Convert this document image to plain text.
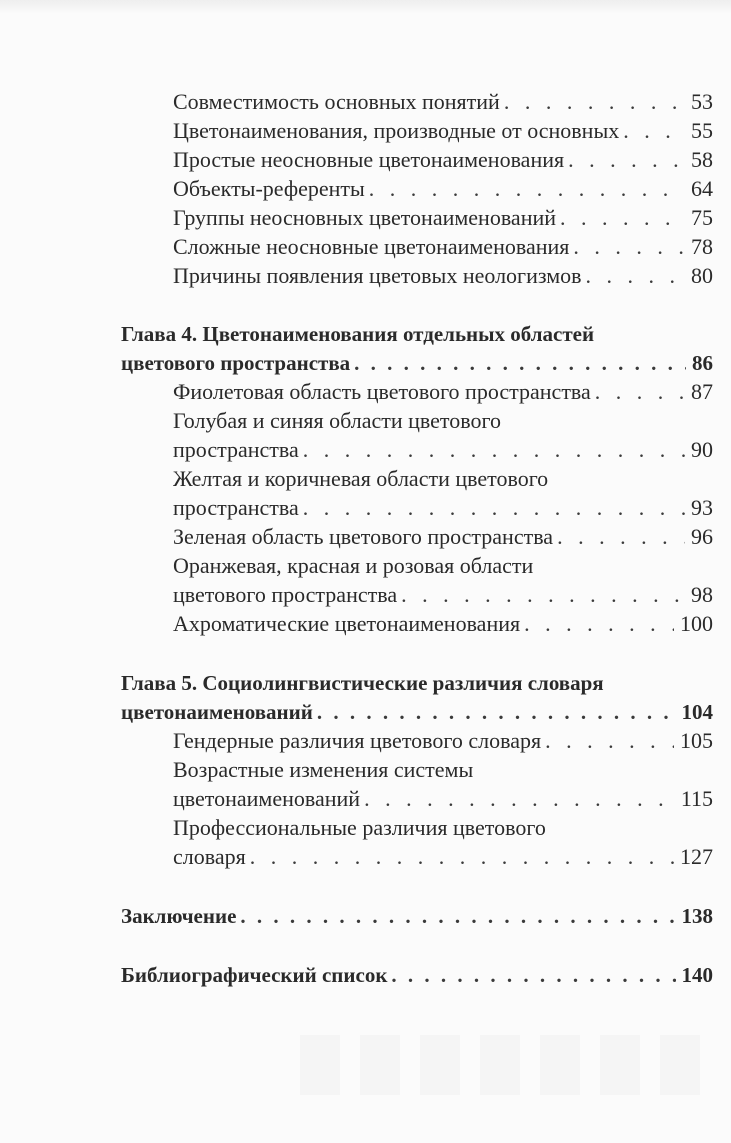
Совместимость основных понятий . . .	53
Цветонаименования, производные от основных . . .	55
Простые неосновные цветонаименования . . .	58
Объекты-референты . . .	64
Группы неосновных цветонаименований . . .	75
Сложные неосновные цветонаименования . . .	78
Причины появления цветовых неологизмов . . .	80
Глава 4. Цветонаименования отдельных областей
цветового пространства . . .	86
Фиолетовая область цветового пространства . . .	87
Голубая и синяя области цветового
пространства . . .	90
Желтая и коричневая области цветового
пространства . . .	93
Зеленая область цветового пространства . . .	96
Оранжевая, красная и розовая области
цветового пространства . . .	98
Ахроматические цветонаименования . . .	100
Глава 5. Социолингвистические различия словаря
цветонаименований . . .	104
Гендерные различия цветового словаря . . .	105
Возрастные изменения системы
цветонаименований . . .	115
Профессиональные различия цветового
словаря . . .	127
Заключение . . .	138
Библиографический список . . .	140
